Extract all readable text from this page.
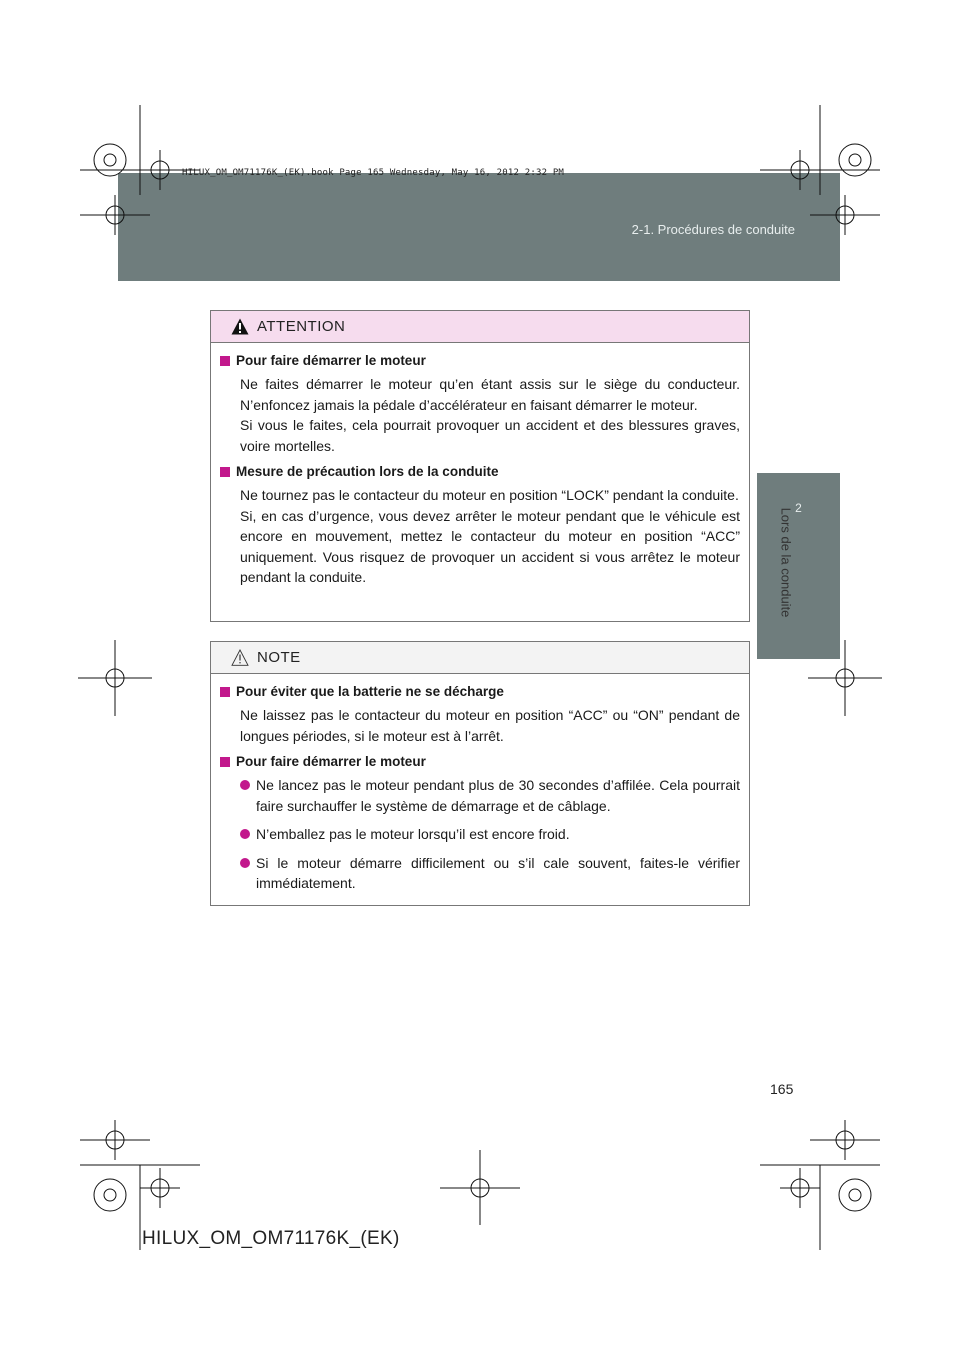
HILUX_OM_OM71176K_(EK).book Page 165 Wednesday, May 16, 2012 2:32 PM
2-1. Procédures de conduite
2
Lors de la conduite
ATTENTION
Pour faire démarrer le moteur

Ne faites démarrer le moteur qu’en étant assis sur le siège du conducteur. N’enfoncez jamais la pédale d’accélérateur en faisant démarrer le moteur.

Si vous le faites, cela pourrait provoquer un accident et des blessures graves, voire mortelles.

Mesure de précaution lors de la conduite

Ne tournez pas le contacteur du moteur en position “LOCK” pendant la conduite.

Si, en cas d’urgence, vous devez arrêter le moteur pendant que le véhicule est encore en mouvement, mettez le contacteur du moteur en position “ACC” uniquement. Vous risquez de provoquer un accident si vous arrêtez le moteur pendant la conduite.

NOTE
Pour éviter que la batterie ne se décharge

Ne laissez pas le contacteur du moteur en position “ACC” ou “ON” pendant de longues périodes, si le moteur est à l’arrêt.

Pour faire démarrer le moteur
Ne lancez pas le moteur pendant plus de 30 secondes d’affilée. Cela pourrait faire surchauffer le système de démarrage et de câblage.
N’emballez pas le moteur lorsqu’il est encore froid.
Si le moteur démarre difficilement ou s’il cale souvent, faites-le vérifier immédiatement.
165
HILUX_OM_OM71176K_(EK)
